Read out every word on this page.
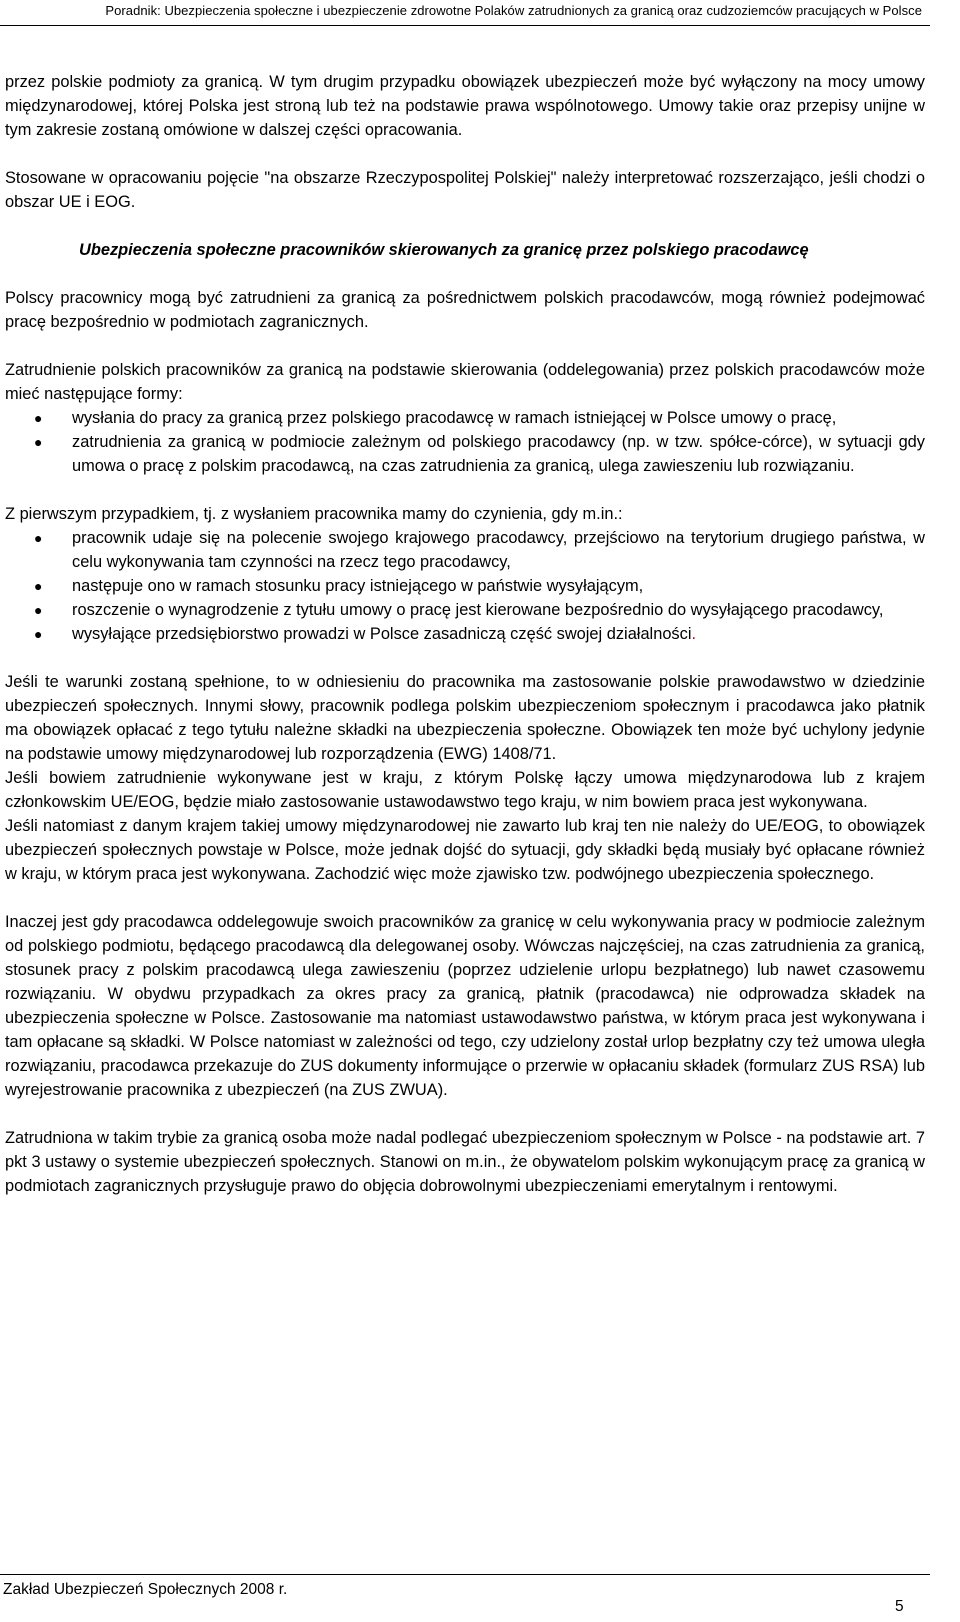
Poradnik: Ubezpieczenia społeczne i ubezpieczenie zdrowotne Polaków zatrudnionych za granicą oraz cudzoziemców pracujących w Polsce

przez polskie podmioty za granicą. W tym drugim przypadku obowiązek ubezpieczeń może być wyłączony na mocy umowy międzynarodowej, której Polska jest stroną lub też na podstawie prawa wspólnotowego. Umowy takie oraz przepisy unijne w tym zakresie zostaną omówione w dalszej części opracowania.

Stosowane w opracowaniu pojęcie "na obszarze Rzeczypospolitej Polskiej" należy interpretować rozszerzająco, jeśli chodzi o obszar UE i EOG.

Ubezpieczenia społeczne pracowników skierowanych za granicę przez polskiego pracodawcę

Polscy pracownicy mogą być zatrudnieni za granicą za pośrednictwem polskich pracodawców, mogą również podejmować pracę bezpośrednio w podmiotach zagranicznych.

Zatrudnienie polskich pracowników za granicą na podstawie skierowania (oddelegowania) przez polskich pracodawców może mieć następujące formy:

● wysłania do pracy za granicą przez polskiego pracodawcę w ramach istniejącej w Polsce umowy o pracę,
● zatrudnienia za granicą w podmiocie zależnym od polskiego pracodawcy (np. w tzw. spółce-córce), w sytuacji gdy umowa o pracę z polskim pracodawcą, na czas zatrudnienia za granicą, ulega zawieszeniu lub rozwiązaniu.

Z pierwszym przypadkiem, tj. z wysłaniem pracownika mamy do czynienia, gdy m.in.:

● pracownik udaje się na polecenie swojego krajowego pracodawcy, przejściowo na terytorium drugiego państwa, w celu wykonywania tam czynności na rzecz tego pracodawcy,
● następuje ono w ramach stosunku pracy istniejącego w państwie wysyłającym,
● roszczenie o wynagrodzenie z tytułu umowy o pracę jest kierowane bezpośrednio do wysyłającego pracodawcy,
● wysyłające przedsiębiorstwo prowadzi w Polsce zasadniczą część swojej działalności.

Jeśli te warunki zostaną spełnione, to w odniesieniu do pracownika ma zastosowanie polskie prawodawstwo w dziedzinie ubezpieczeń społecznych. Innymi słowy, pracownik podlega polskim ubezpieczeniom społecznym i pracodawca jako płatnik ma obowiązek opłacać z tego tytułu należne składki na ubezpieczenia społeczne. Obowiązek ten może być uchylony jedynie na podstawie umowy międzynarodowej lub rozporządzenia (EWG) 1408/71.

Jeśli bowiem zatrudnienie wykonywane jest w kraju, z którym Polskę łączy umowa międzynarodowa lub z krajem członkowskim UE/EOG, będzie miało zastosowanie ustawodawstwo tego kraju, w nim bowiem praca jest wykonywana.

Jeśli natomiast z danym krajem takiej umowy międzynarodowej nie zawarto lub kraj ten nie należy do UE/EOG, to obowiązek ubezpieczeń społecznych powstaje w Polsce, może jednak dojść do sytuacji, gdy składki będą musiały być opłacane również w kraju, w którym praca jest wykonywana. Zachodzić więc może zjawisko tzw. podwójnego ubezpieczenia społecznego.

Inaczej jest gdy pracodawca oddelegowuje swoich pracowników za granicę w celu wykonywania pracy w podmiocie zależnym od polskiego podmiotu, będącego pracodawcą dla delegowanej osoby. Wówczas najczęściej, na czas zatrudnienia za granicą, stosunek pracy z polskim pracodawcą ulega zawieszeniu (poprzez udzielenie urlopu bezpłatnego) lub nawet czasowemu rozwiązaniu. W obydwu przypadkach za okres pracy za granicą, płatnik (pracodawca) nie odprowadza składek na ubezpieczenia społeczne w Polsce. Zastosowanie ma natomiast ustawodawstwo państwa, w którym praca jest wykonywana i tam opłacane są składki. W Polsce natomiast w zależności od tego, czy udzielony został urlop bezpłatny czy też umowa uległa rozwiązaniu, pracodawca przekazuje do ZUS dokumenty informujące o przerwie w opłacaniu składek (formularz ZUS RSA) lub wyrejestrowanie pracownika z ubezpieczeń (na ZUS ZWUA).

Zatrudniona w takim trybie za granicą osoba może nadal podlegać ubezpieczeniom społecznym w Polsce - na podstawie art. 7 pkt 3 ustawy o systemie ubezpieczeń społecznych. Stanowi on m.in., że obywatelom polskim wykonującym pracę za granicą w podmiotach zagranicznych przysługuje prawo do objęcia dobrowolnymi ubezpieczeniami emerytalnym i rentowymi.

Zakład Ubezpieczeń Społecznych 2008 r.
5
